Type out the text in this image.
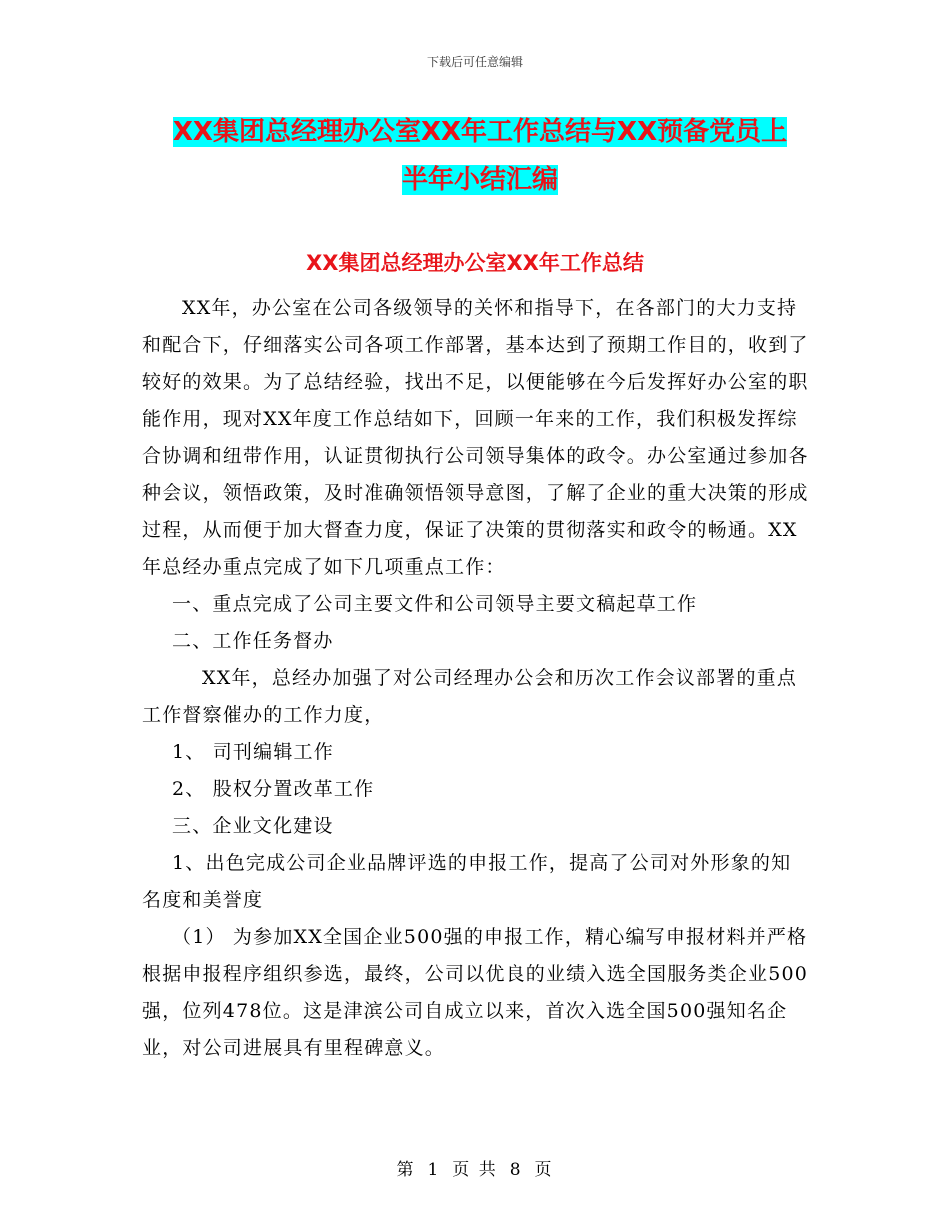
下载后可任意编辑
XX集团总经理办公室XX年工作总结与XX预备党员上
半年小结汇编
XX集团总经理办公室XX年工作总结

XX年，办公室在公司各级领导的关怀和指导下，在各部门的大力支持和配合下，仔细落实公司各项工作部署，基本达到了预期工作目的，收到了较好的效果。为了总结经验，找出不足，以便能够在今后发挥好办公室的职能作用，现对XX年度工作总结如下，回顾一年来的工作，我们积极发挥综合协调和纽带作用，认证贯彻执行公司领导集体的政令。办公室通过参加各种会议，领悟政策，及时准确领悟领导意图，了解了企业的重大决策的形成过程，从而便于加大督查力度，保证了决策的贯彻落实和政令的畅通。XX年总经办重点完成了如下几项重点工作：

一、重点完成了公司主要文件和公司领导主要文稿起草工作

二、工作任务督办

XX年，总经办加强了对公司经理办公会和历次工作会议部署的重点工作督察催办的工作力度，

1、 司刊编辑工作

2、 股权分置改革工作

三、企业文化建设

1、出色完成公司企业品牌评选的申报工作，提高了公司对外形象的知名度和美誉度

（1） 为参加XX全国企业500强的申报工作，精心编写申报材料并严格根据申报程序组织参选，最终，公司以优良的业绩入选全国服务类企业500强，位列478位。这是津滨公司自成立以来，首次入选全国500强知名企业，对公司进展具有里程碑意义。

第 1 页 共 8 页
